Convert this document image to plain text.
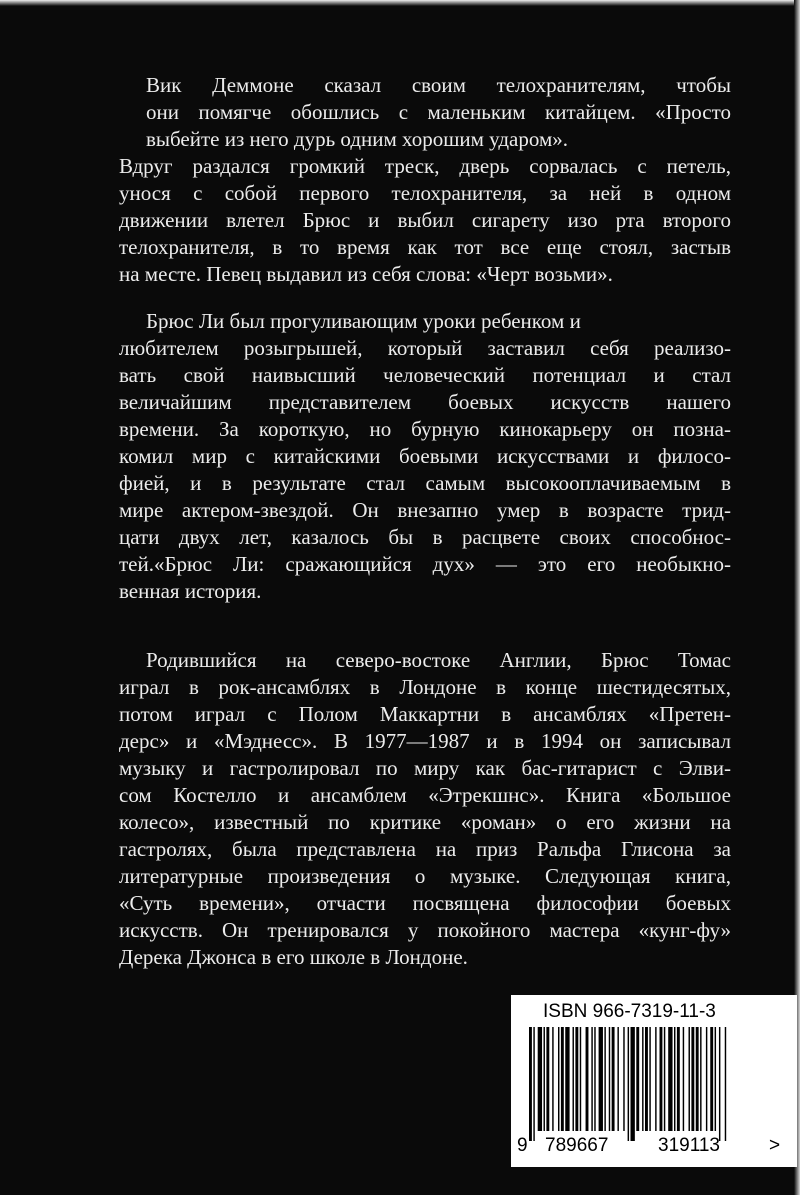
Вик Деммоне сказал своим телохранителям, чтобы
они помягче обошлись с маленьким китайцем. «Просто
выбейте из него дурь одним хорошим ударом».
Вдруг раздался громкий треск, дверь сорвалась с петель,
унося с собой первого телохранителя, за ней в одном
движении влетел Брюс и выбил сигарету изо рта второго
телохранителя, в то время как тот все еще стоял, застыв
на месте. Певец выдавил из себя слова: «Черт возьми».
Брюс Ли был прогуливающим уроки ребенком и
любителем розыгрышей, который заставил себя реализо-
вать свой наивысший человеческий потенциал и стал
величайшим представителем боевых искусств нашего
времени. За короткую, но бурную кинокарьеру он позна-
комил мир с китайскими боевыми искусствами и филосо-
фией, и в результате стал самым высокооплачиваемым в
мире актером-звездой. Он внезапно умер в возрасте трид-
цати двух лет, казалось бы в расцвете своих способнос-
тей.«Брюс Ли: сражающийся дух» — это его необыкно-
венная история.
Родившийся на северо-востоке Англии, Брюс Томас
играл в рок-ансамблях в Лондоне в конце шестидесятых,
потом играл с Полом Маккартни в ансамблях «Претен-
дерс» и «Мэднесс». В 1977—1987 и в 1994 он записывал
музыку и гастролировал по миру как бас-гитарист с Элви-
сом Костелло и ансамблем «Этрекшнс». Книга «Большое
колесо», известный по критике «роман» о его жизни на
гастролях, была представлена на приз Ральфа Глисона за
литературные произведения о музыке. Следующая книга,
«Суть времени», отчасти посвящена философии боевых
искусств. Он тренировался у покойного мастера «кунг-фу»
Дерека Джонса в его школе в Лондоне.
ISBN 966-7319-11-3
9 789667	319113	>
